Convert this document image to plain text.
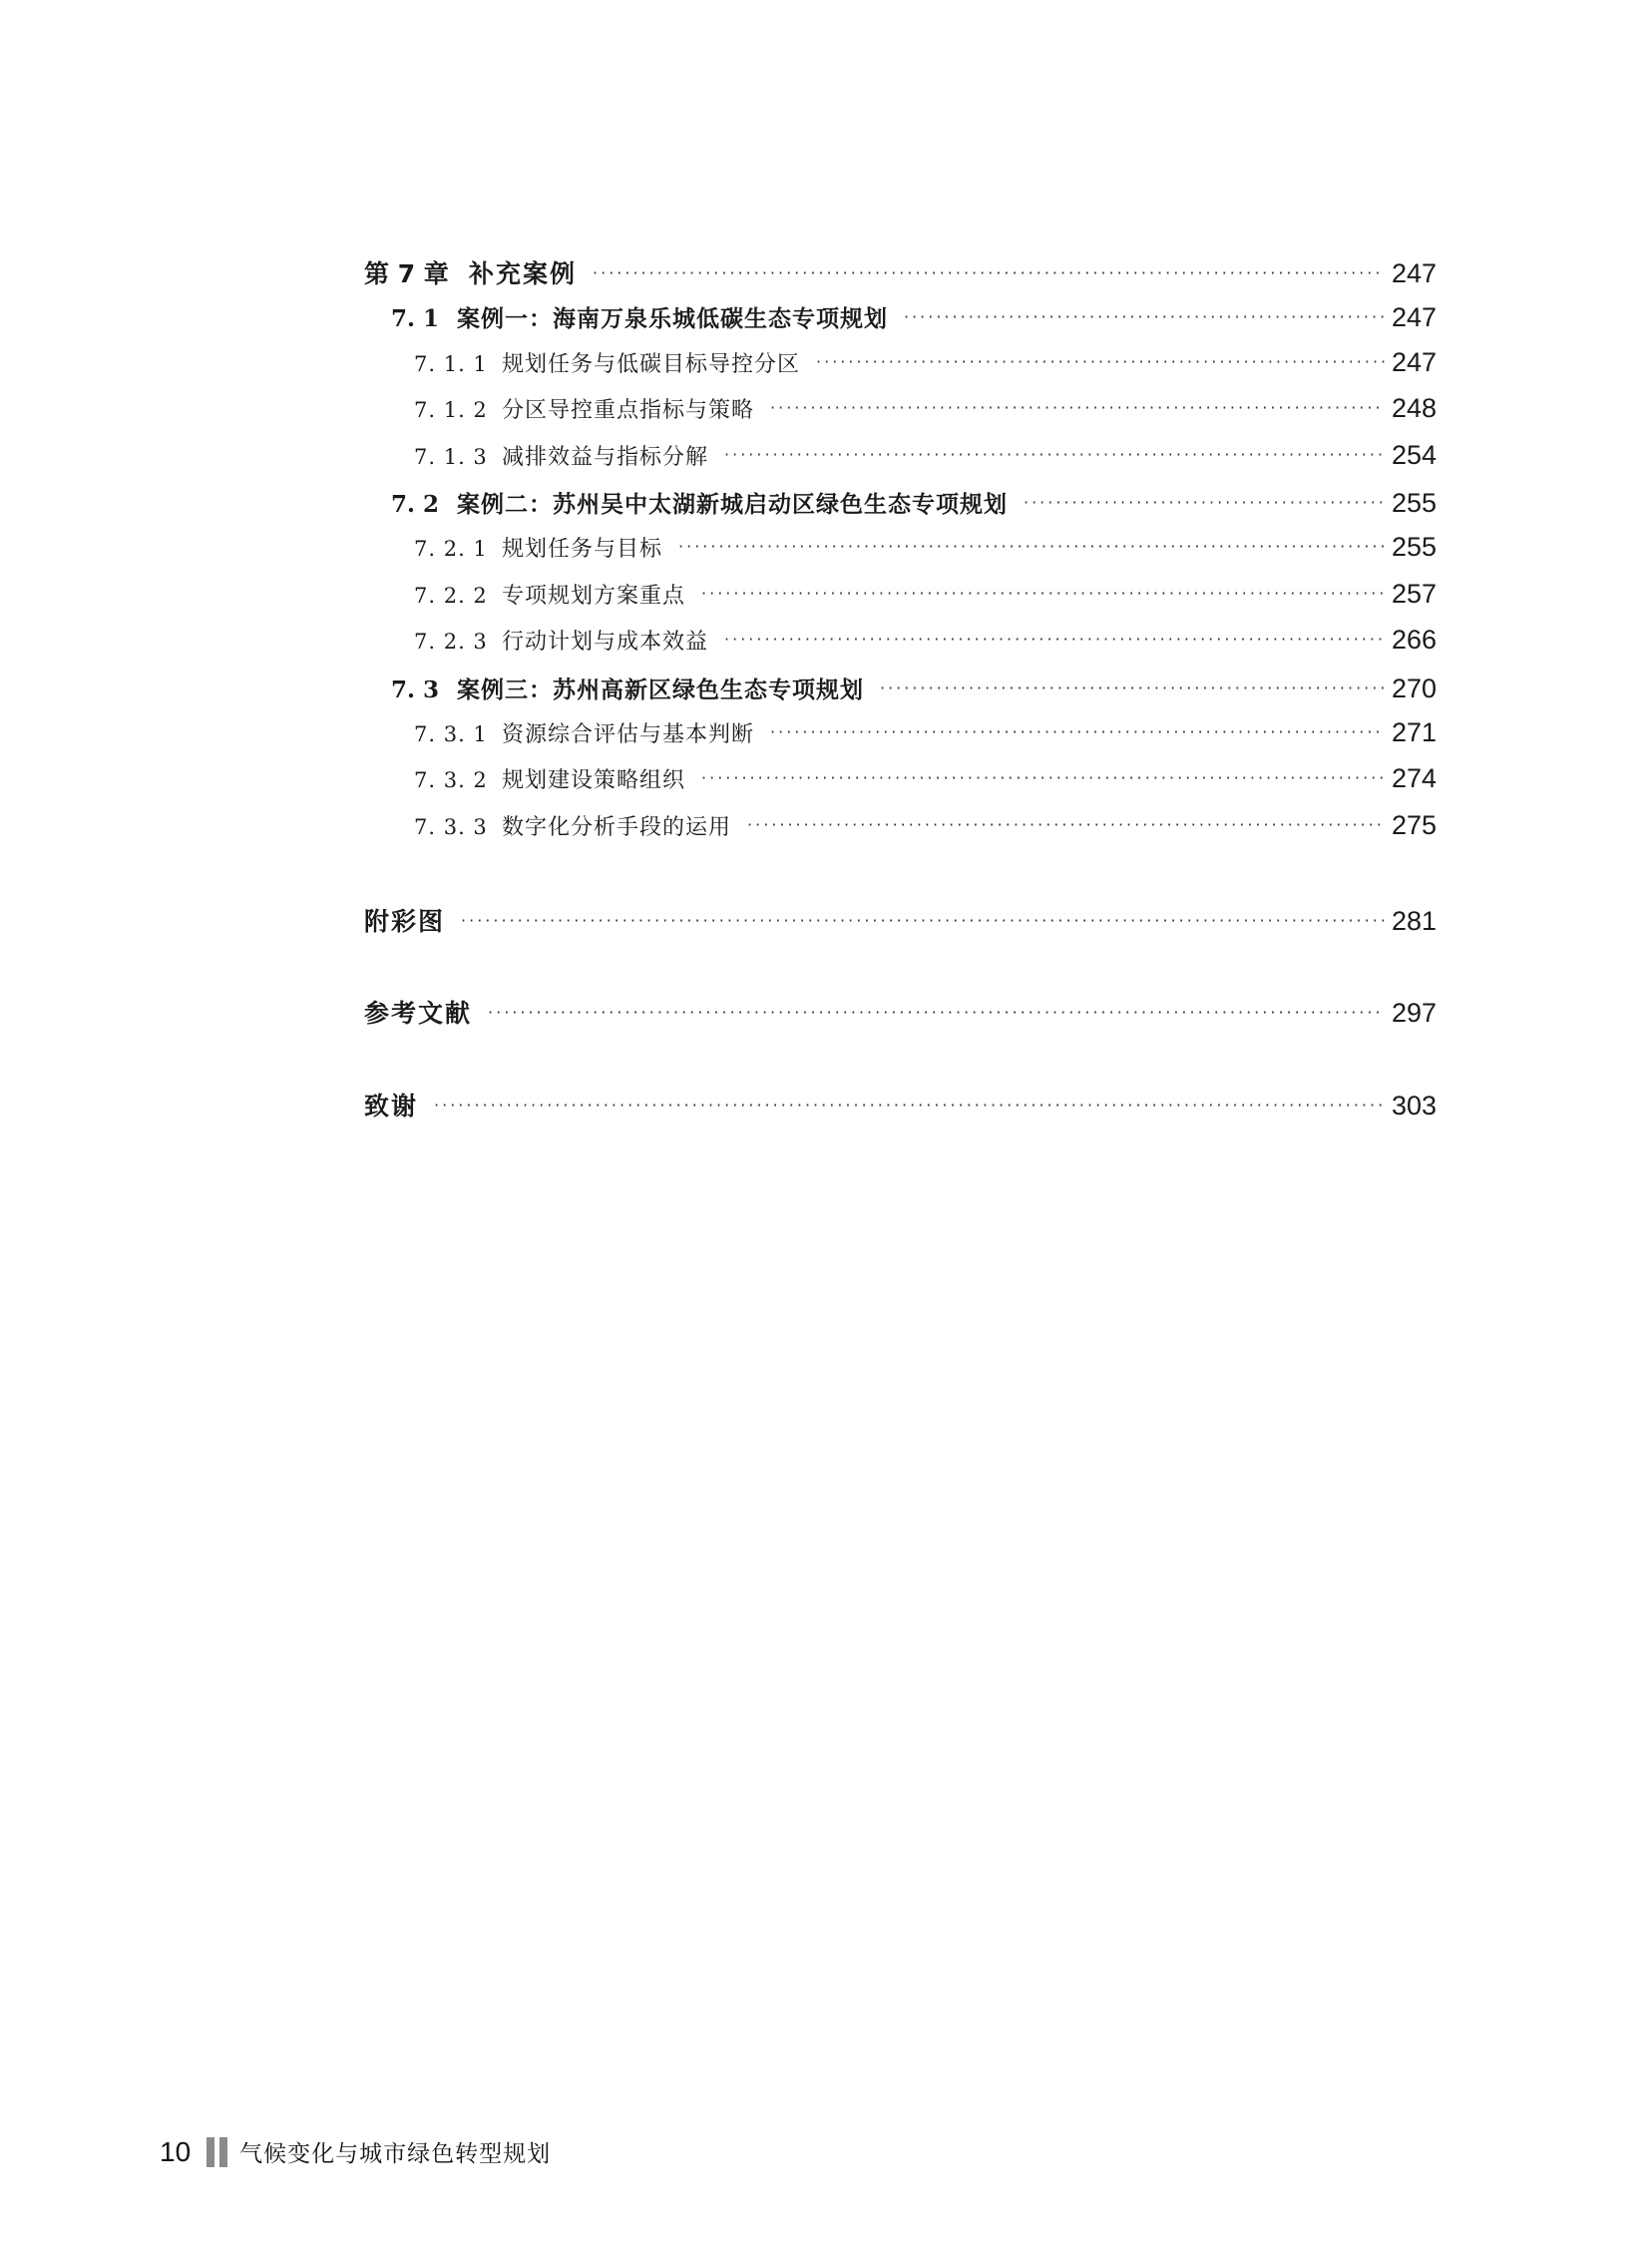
第 7 章 补充案例 ·····	247
7. 1 案例一：海南万泉乐城低碳生态专项规划 ·····	247
7. 1. 1 规划任务与低碳目标导控分区 ·····	247
7. 1. 2 分区导控重点指标与策略 ·····	248
7. 1. 3 减排效益与指标分解 ·····	254
7. 2 案例二：苏州吴中太湖新城启动区绿色生态专项规划 ·····	255
7. 2. 1 规划任务与目标 ·····	255
7. 2. 2 专项规划方案重点 ·····	257
7. 2. 3 行动计划与成本效益 ·····	266
7. 3 案例三：苏州高新区绿色生态专项规划 ·····	270
7. 3. 1 资源综合评估与基本判断 ·····	271
7. 3. 2 规划建设策略组织 ·····	274
7. 3. 3 数字化分析手段的运用 ·····	275
附彩图 ·····	281
参考文献 ·····	297
致谢 ·····	303
10 气候变化与城市绿色转型规划
